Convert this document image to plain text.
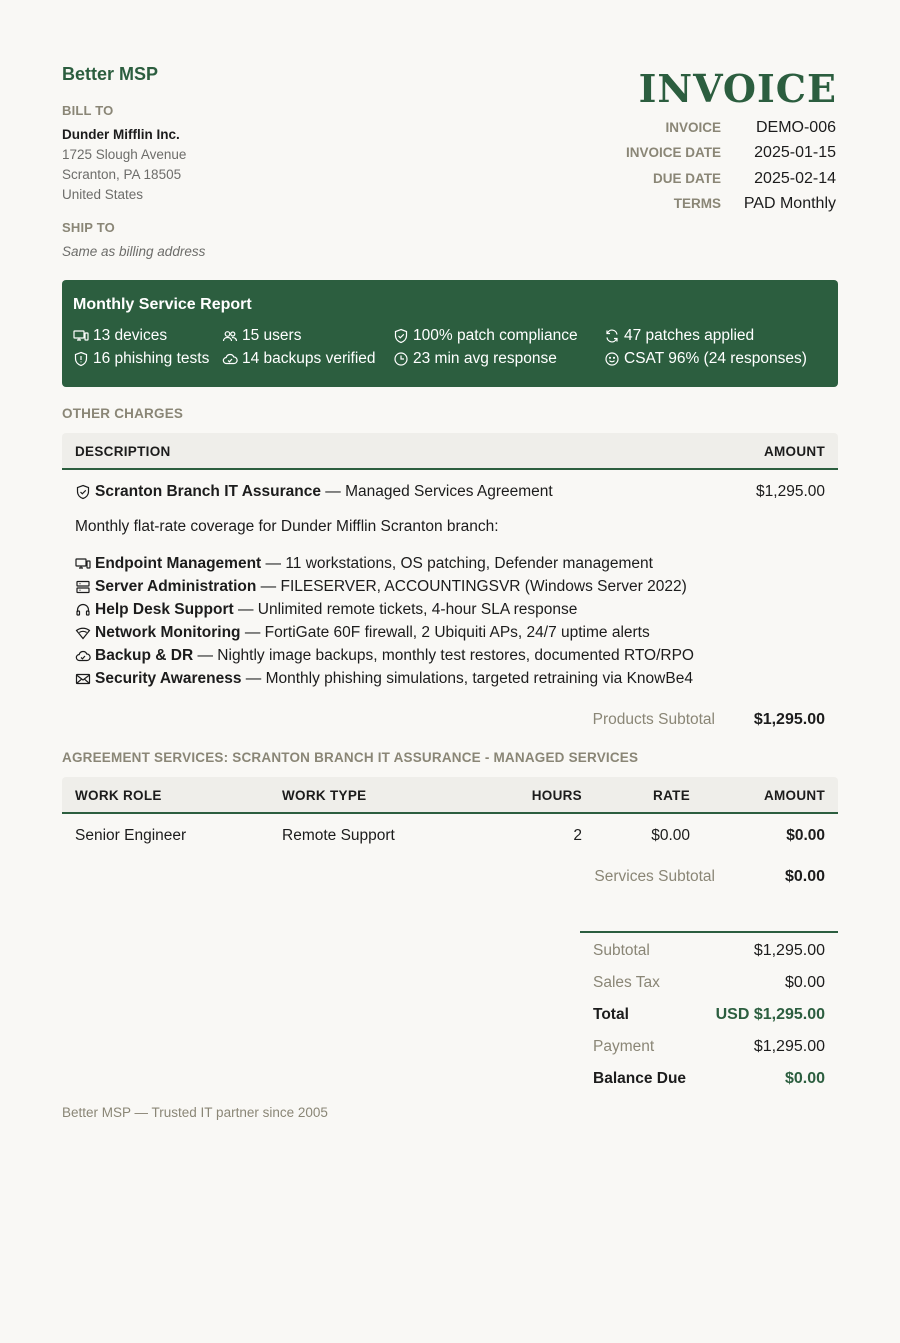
Better MSP
BILL TO
Dunder Mifflin Inc.
1725 Slough Avenue
Scranton, PA 18505
United States
SHIP TO
Same as billing address
INVOICE
INVOICE	DEMO-006
INVOICE DATE	2025-01-15
DUE DATE	2025-02-14
TERMS PAD Monthly
Monthly Service Report
13 devices	15 users	100% patch compliance	47 patches applied
16 phishing tests 14 backups verified 23 min avg response	CSAT 96% (24 responses)
OTHER CHARGES
DESCRIPTION	AMOUNT
Scranton Branch IT Assurance — Managed Services Agreement	$1,295.00
Monthly flat-rate coverage for Dunder Mifflin Scranton branch:
Endpoint Management — 11 workstations, OS patching, Defender management
Server Administration — FILESERVER, ACCOUNTINGSVR (Windows Server 2022)
Help Desk Support — Unlimited remote tickets, 4-hour SLA response
Network Monitoring — FortiGate 60F firewall, 2 Ubiquiti APs, 24/7 uptime alerts
Backup & DR — Nightly image backups, monthly test restores, documented RTO/RPO
Security Awareness — Monthly phishing simulations, targeted retraining via KnowBe4
Products Subtotal $1,295.00
AGREEMENT SERVICES: SCRANTON BRANCH IT ASSURANCE - MANAGED SERVICES
WORK ROLE	WORK TYPE	HOURS	RATE	AMOUNT
Senior Engineer	Remote Support	2	$0.00	$0.00
Services Subtotal	$0.00
Subtotal	$1,295.00
Sales Tax	$0.00
Total	USD $1,295.00
Payment	$1,295.00
Balance Due	$0.00
Better MSP — Trusted IT partner since 2005
